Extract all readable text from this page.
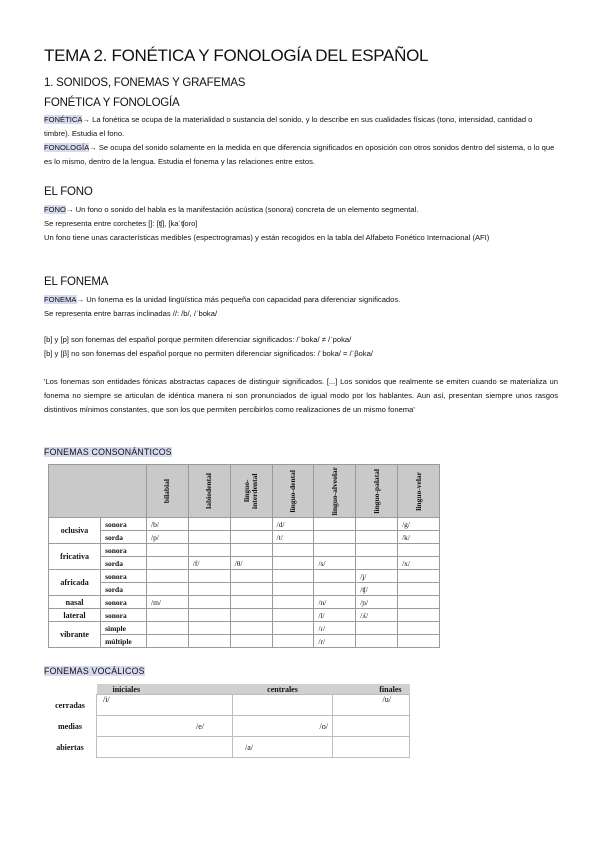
TEMA 2. FONÉTICA Y FONOLOGÍA DEL ESPAÑOL
1. SONIDOS, FONEMAS Y GRAFEMAS
FONÉTICA Y FONOLOGÍA
FONÉTICA→ La fonética se ocupa de la materialidad o sustancia del sonido, y lo describe en sus cualidades físicas (tono, intensidad, cantidad o timbre). Estudia el fono.
FONOLOGÍA→ Se ocupa del sonido solamente en la medida en que diferencia significados en oposición con otros sonidos dentro del sistema, o lo que es lo mismo, dentro de la lengua. Estudia el fonema y las relaciones entre estos.
EL FONO
FONO→ Un fono o sonido del habla es la manifestación acústica (sonora) concreta de un elemento segmental.
Se representa entre corchetes []: [ʧ], [kaˈʧoɾo]
Un fono tiene unas características medibles (espectrogramas) y están recogidos en la tabla del Alfabeto Fonético Internacional (AFI)
EL FONEMA
FONEMA→ Un fonema es la unidad lingüística más pequeña con capacidad para diferenciar significados.
Se representa entre barras inclinadas //: /b/, /ˈboka/
[b] y [p] son fonemas del español porque permiten diferenciar significados: /ˈboka/ ≠ /ˈpoka/
[b] y [β] no son fonemas del español porque no permiten diferenciar significados: /ˈboka/ = /ˈβoka/
'Los fonemas son entidades fónicas abstractas capaces de distinguir significados. [...] Los sonidos que realmente se emiten cuando se materializa un fonema no siempre se articulan de idéntica manera ni son pronunciados de igual modo por los hablantes. Aun así, presentan siempre unos rasgos distintivos mínimos constantes, que son los que permiten percibirlos como realizaciones de un mismo fonema'
FONEMAS CONSONÁNTICOS

		bilabial	labiodental	linguo-interdental	linguo-dental	linguo-alveolar	linguo-palatal	linguo-velar

oclusiva	sonora	/b/			/d/			/g/
	sorda	/p/			/t/			/k/
fricativa	sonora							
	sorda		/f/	/θ/		/s/		/x/
africada	sonora						/ʝ/	
	sorda						/ʧ/	
nasal	sonora	/m/				/n/	/ɲ/	
lateral	sonora					/l/	/ʎ/	
vibrante	simple					/ɾ/		
	múltiple					/r/		
FONEMAS VOCÁLICOS
	iniciales	centrales	finales
cerradas	/i/		/u/
medias	/e/	/o/	
abiertas		/a/	
